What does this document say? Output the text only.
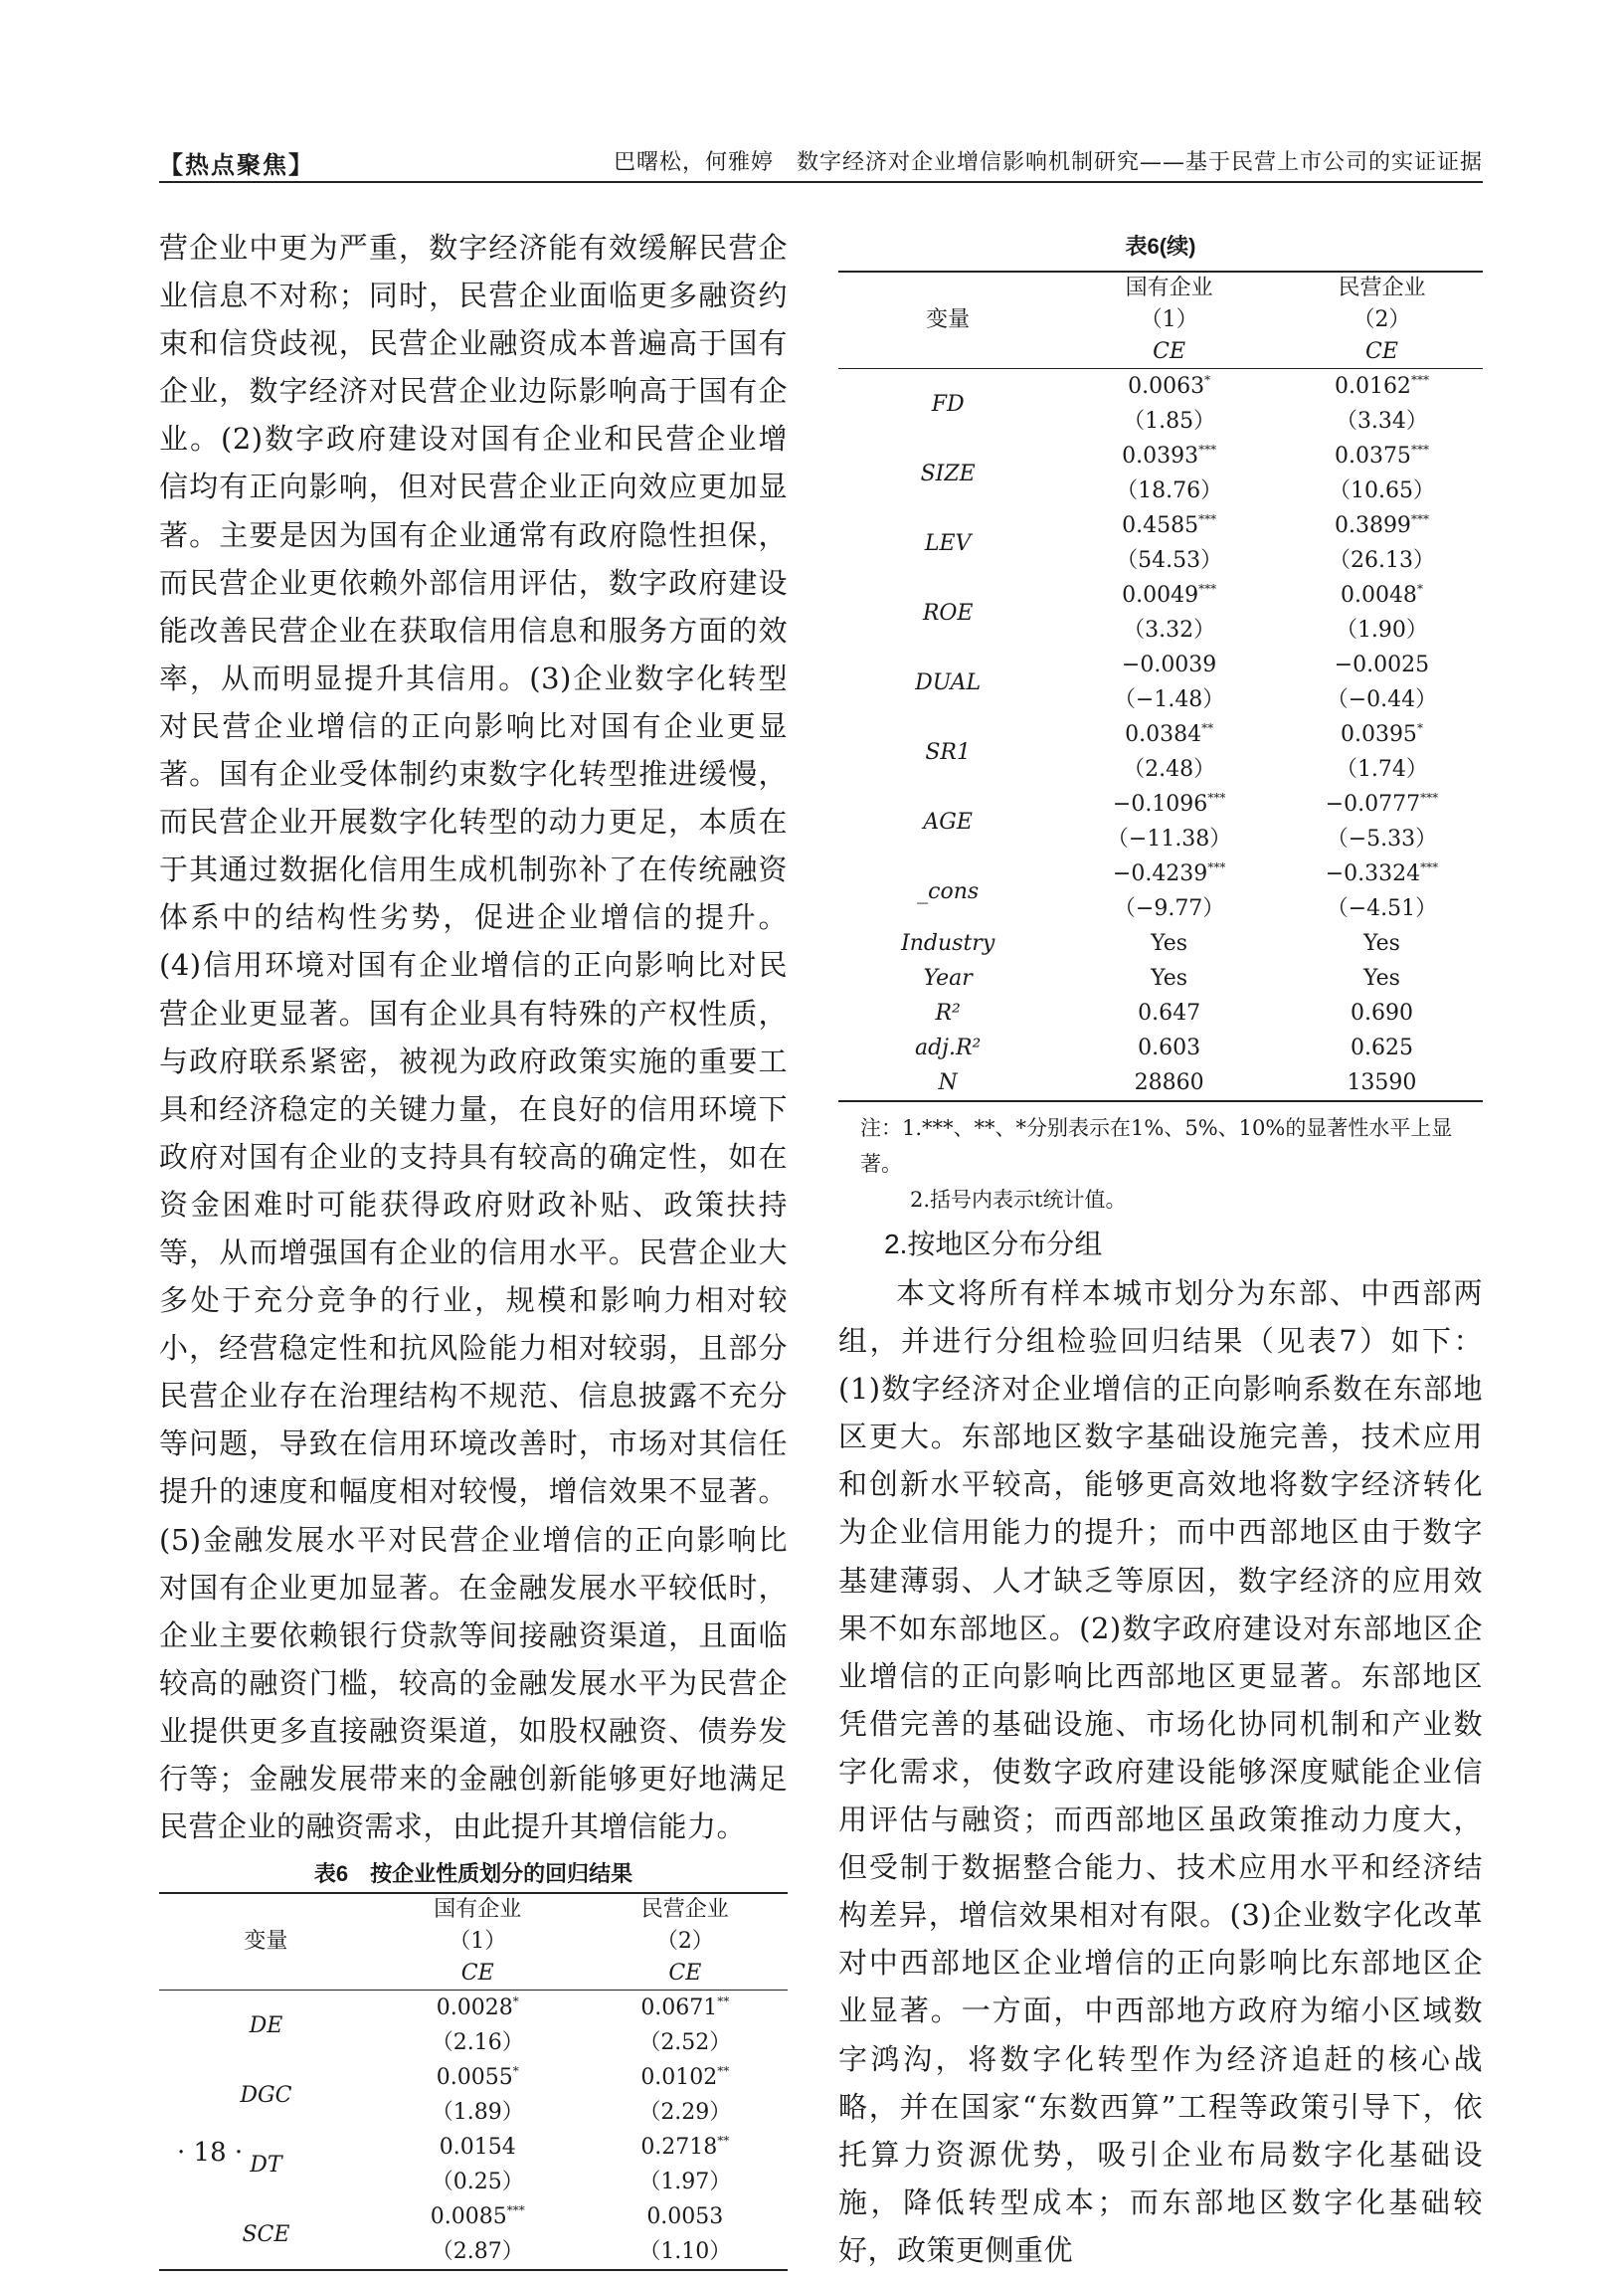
【热点聚焦】	巴曙松，何雅婷　数字经济对企业增信影响机制研究——基于民营上市公司的实证证据

营企业中更为严重，数字经济能有效缓解民营企业信息不对称；同时，民营企业面临更多融资约束和信贷歧视，民营企业融资成本普遍高于国有企业，数字经济对民营企业边际影响高于国有企业。(2)数字政府建设对国有企业和民营企业增信均有正向影响，但对民营企业正向效应更加显著。主要是因为国有企业通常有政府隐性担保，而民营企业更依赖外部信用评估，数字政府建设能改善民营企业在获取信用信息和服务方面的效率，从而明显提升其信用。(3)企业数字化转型对民营企业增信的正向影响比对国有企业更显著。国有企业受体制约束数字化转型推进缓慢，而民营企业开展数字化转型的动力更足，本质在于其通过数据化信用生成机制弥补了在传统融资体系中的结构性劣势，促进企业增信的提升。(4)信用环境对国有企业增信的正向影响比对民营企业更显著。国有企业具有特殊的产权性质，与政府联系紧密，被视为政府政策实施的重要工具和经济稳定的关键力量，在良好的信用环境下政府对国有企业的支持具有较高的确定性，如在资金困难时可能获得政府财政补贴、政策扶持等，从而增强国有企业的信用水平。民营企业大多处于充分竞争的行业，规模和影响力相对较小，经营稳定性和抗风险能力相对较弱，且部分民营企业存在治理结构不规范、信息披露不充分等问题，导致在信用环境改善时，市场对其信任提升的速度和幅度相对较慢，增信效果不显著。(5)金融发展水平对民营企业增信的正向影响比对国有企业更加显著。在金融发展水平较低时，企业主要依赖银行贷款等间接融资渠道，且面临较高的融资门槛，较高的金融发展水平为民营企业提供更多直接融资渠道，如股权融资、债券发行等；金融发展带来的金融创新能够更好地满足民营企业的融资需求，由此提升其增信能力。

表6　按企业性质划分的回归结果

变量	国有企业	民营企业
	（1）	（2）
	CE	CE
DE	0.0028*	0.0671**
	（2.16）	（2.52）
DGC	0.0055*	0.0102**
	（1.89）	（2.29）
DT	0.0154	0.2718**
	（0.25）	（1.97）
SCE	0.0085***	0.0053
	（2.87）	（1.10）

表6(续)

变量	国有企业	民营企业
	（1）	（2）
	CE	CE
FD	0.0063*	0.0162***
	（1.85）	（3.34）
SIZE	0.0393***	0.0375***
	（18.76）	（10.65）
LEV	0.4585***	0.3899***
	（54.53）	（26.13）
ROE	0.0049***	0.0048*
	（3.32）	（1.90）
DUAL	−0.0039	−0.0025
	（−1.48）	（−0.44）
SR1	0.0384**	0.0395*
	（2.48）	（1.74）
AGE	−0.1096***	−0.0777***
	（−11.38）	（−5.33）
_cons	−0.4239***	−0.3324***
	（−9.77）	（−4.51）
Industry	Yes	Yes
Year	Yes	Yes
R²	0.647	0.690
adj.R²	0.603	0.625
N	28860	13590
注：1.***、**、*分别表示在1%、5%、10%的显著性水平上显著。
2.括号内表示t统计值。
2.按地区分布分组

本文将所有样本城市划分为东部、中西部两组，并进行分组检验回归结果（见表7）如下：(1)数字经济对企业增信的正向影响系数在东部地区更大。东部地区数字基础设施完善，技术应用和创新水平较高，能够更高效地将数字经济转化为企业信用能力的提升；而中西部地区由于数字基建薄弱、人才缺乏等原因，数字经济的应用效果不如东部地区。(2)数字政府建设对东部地区企业增信的正向影响比西部地区更显著。东部地区凭借完善的基础设施、市场化协同机制和产业数字化需求，使数字政府建设能够深度赋能企业信用评估与融资；而西部地区虽政策推动力度大，但受制于数据整合能力、技术应用水平和经济结构差异，增信效果相对有限。(3)企业数字化改革对中西部地区企业增信的正向影响比东部地区企业显著。一方面，中西部地方政府为缩小区域数字鸿沟，将数字化转型作为经济追赶的核心战略，并在国家“东数西算”工程等政策引导下，依托算力资源优势，吸引企业布局数字化基础设施，降低转型成本；而东部地区数字化基础较好，政策更侧重优

· 18 ·
